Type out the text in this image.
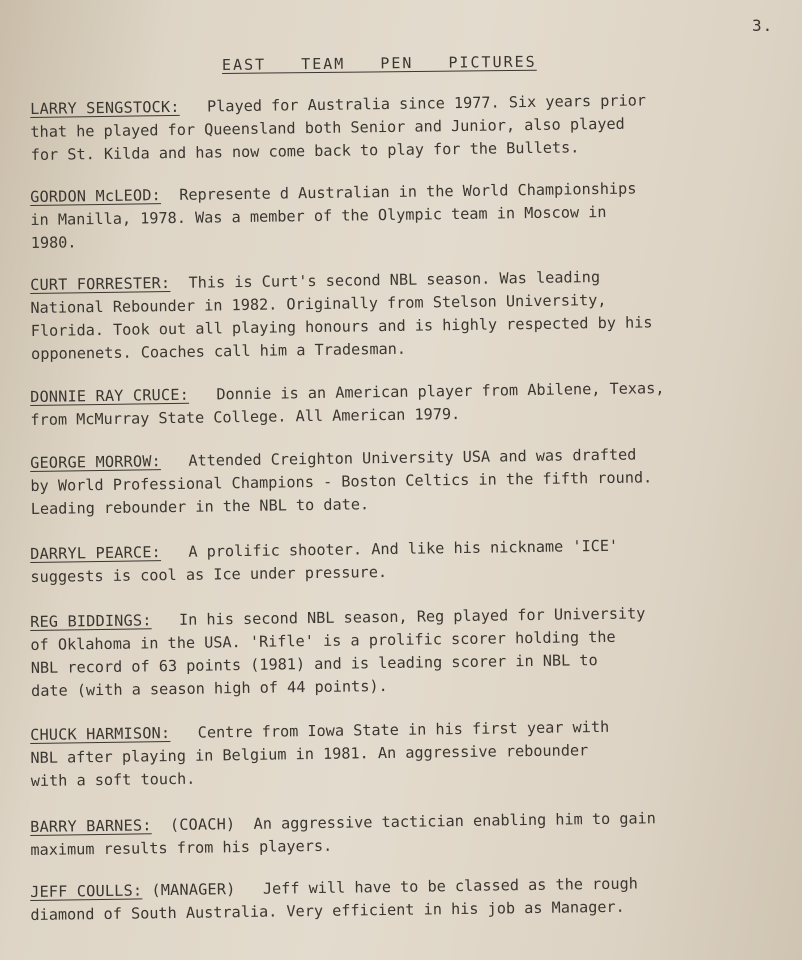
3.
EAST TEAM PEN PICTURES

LARRY SENGSTOCK: Played for Australia since 1977. Six years prior

that he played for Queensland both Senior and Junior, also played

for St. Kilda and has now come back to play for the Bullets.

GORDON McLEOD: Represente d Australian in the World Championships

in Manilla, 1978. Was a member of the Olympic team in Moscow in

1980.

CURT FORRESTER: This is Curt's second NBL season. Was leading

National Rebounder in 1982. Originally from Stelson University,

Florida. Took out all playing honours and is highly respected by his

opponenets. Coaches call him a Tradesman.

DONNIE RAY CRUCE: Donnie is an American player from Abilene, Texas,

from McMurray State College. All American 1979.

GEORGE MORROW: Attended Creighton University USA and was drafted

by World Professional Champions - Boston Celtics in the fifth round.

Leading rebounder in the NBL to date.

DARRYL PEARCE: A prolific shooter. And like his nickname 'ICE'

suggests is cool as Ice under pressure.

REG BIDDINGS: In his second NBL season, Reg played for University

of Oklahoma in the USA. 'Rifle' is a prolific scorer holding the

NBL record of 63 points (1981) and is leading scorer in NBL to

date (with a season high of 44 points).

CHUCK HARMISON: Centre from Iowa State in his first year with

NBL after playing in Belgium in 1981. An aggressive rebounder

with a soft touch.

BARRY BARNES: (COACH) An aggressive tactician enabling him to gain

maximum results from his players.

JEFF COULLS: (MANAGER) Jeff will have to be classed as the rough

diamond of South Australia. Very efficient in his job as Manager.
